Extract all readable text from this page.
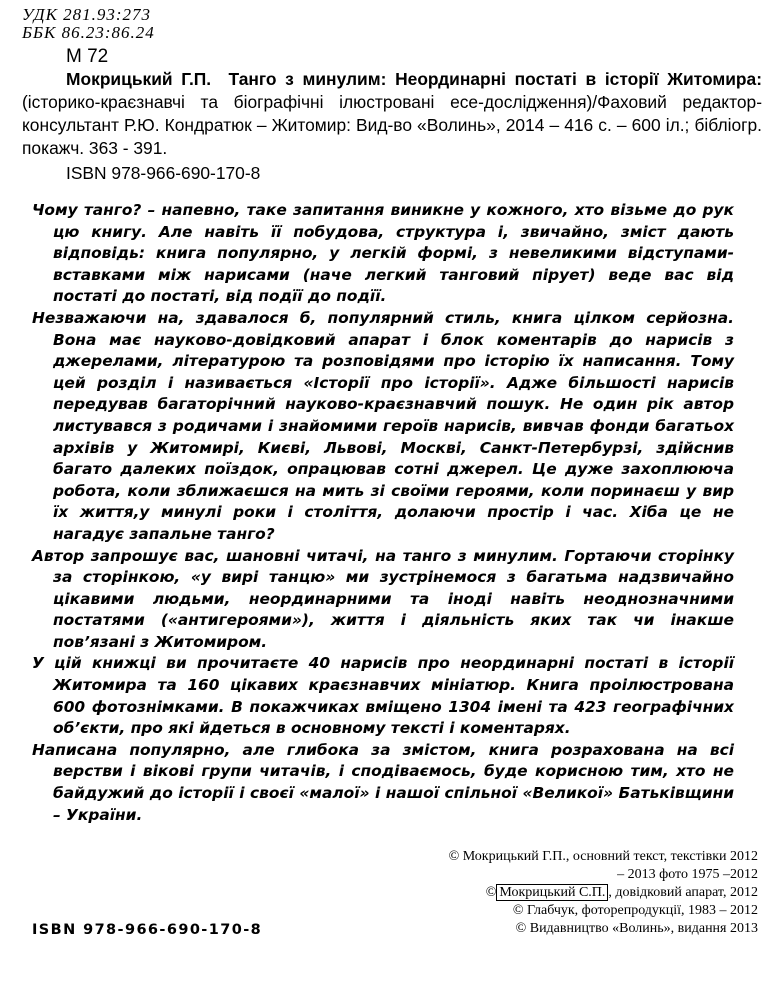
УДК 281.93:273

ББК 86.23:86.24

М 72

Мокрицький Г.П. Танго з минулим: Неординарні постаті в історії Житомира: (історико-краєзнавчі та біографічні ілюстровані есе-дослідження)/Фаховий редактор-консультант Р.Ю. Кондратюк – Житомир: Вид-во «Волинь», 2014 – 416 с. – 600 іл.; бібліогр. покажч. 363 - 391.

ISBN 978-966-690-170-8

Чому танго? – напевно, таке запитання виникне у кожного, хто візьме до рук цю книгу. Але навіть її побудова, структура і, звичайно, зміст дають відповідь: книга популярно, у легкій формі, з невеликими відступами-вставками між нарисами (наче легкий танговий пірует) веде вас від постаті до постаті, від подїї до подїї.

Незважаючи на, здавалося б, популярний стиль, книга цілком серйозна. Вона має науково-довідковий апарат і блок коментарів до нарисів з джерелами, літературою та розповідями про історію їх написання. Тому цей розділ і називається «Історії про історії». Адже більшості нарисів передував багаторічний науково-краєзнавчий пошук. Не один рік автор листувався з родичами і знайомими героїв нарисів, вивчав фонди багатьох архівів у Житомирі, Києві, Львові, Москві, Санкт-Петербурзі, здійснив багато далеких поїздок, опрацював сотні джерел. Це дуже захоплююча робота, коли зближаєшся на мить зі своїми героями, коли поринаєш у вир їх життя,у минулі роки і століття, долаючи простір і час. Хіба це не нагадує запальне танго?

Автор запрошує вас, шановні читачі, на танго з минулим. Гортаючи сторінку за сторінкою, «у вирі танцю» ми зустрінемося з багатьма надзвичайно цікавими людьми, неординарними та іноді навіть неоднозначними постатями («антигероями»), життя і діяльність яких так чи інакше пов’язані з Житомиром.

У цій книжці ви прочитаєте 40 нарисів про неординарні постаті в історії Житомира та 160 цікавих краєзнавчих мініатюр. Книга проілюстрована 600 фотознімками. В покажчиках вміщено 1304 імені та 423 географічних об’єкти, про які йдеться в основному тексті і коментарях.

Написана популярно, але глибока за змістом, книга розрахована на всі верстви і вікові групи читачів, і сподіваємось, буде корисною тим, хто не байдужий до історії і своєї «малої» і нашої спільної «Великої» Батьківщини – України.

© Мокрицький Г.П., основний текст, текстівки 2012
– 2013 фото 1975 –2012
© Мокрицький С.П. , довідковий апарат, 2012
© Глабчук, фоторепродукції, 1983 – 2012
© Видавництво «Волинь», видання 2013
ISBN 978-966-690-170-8
